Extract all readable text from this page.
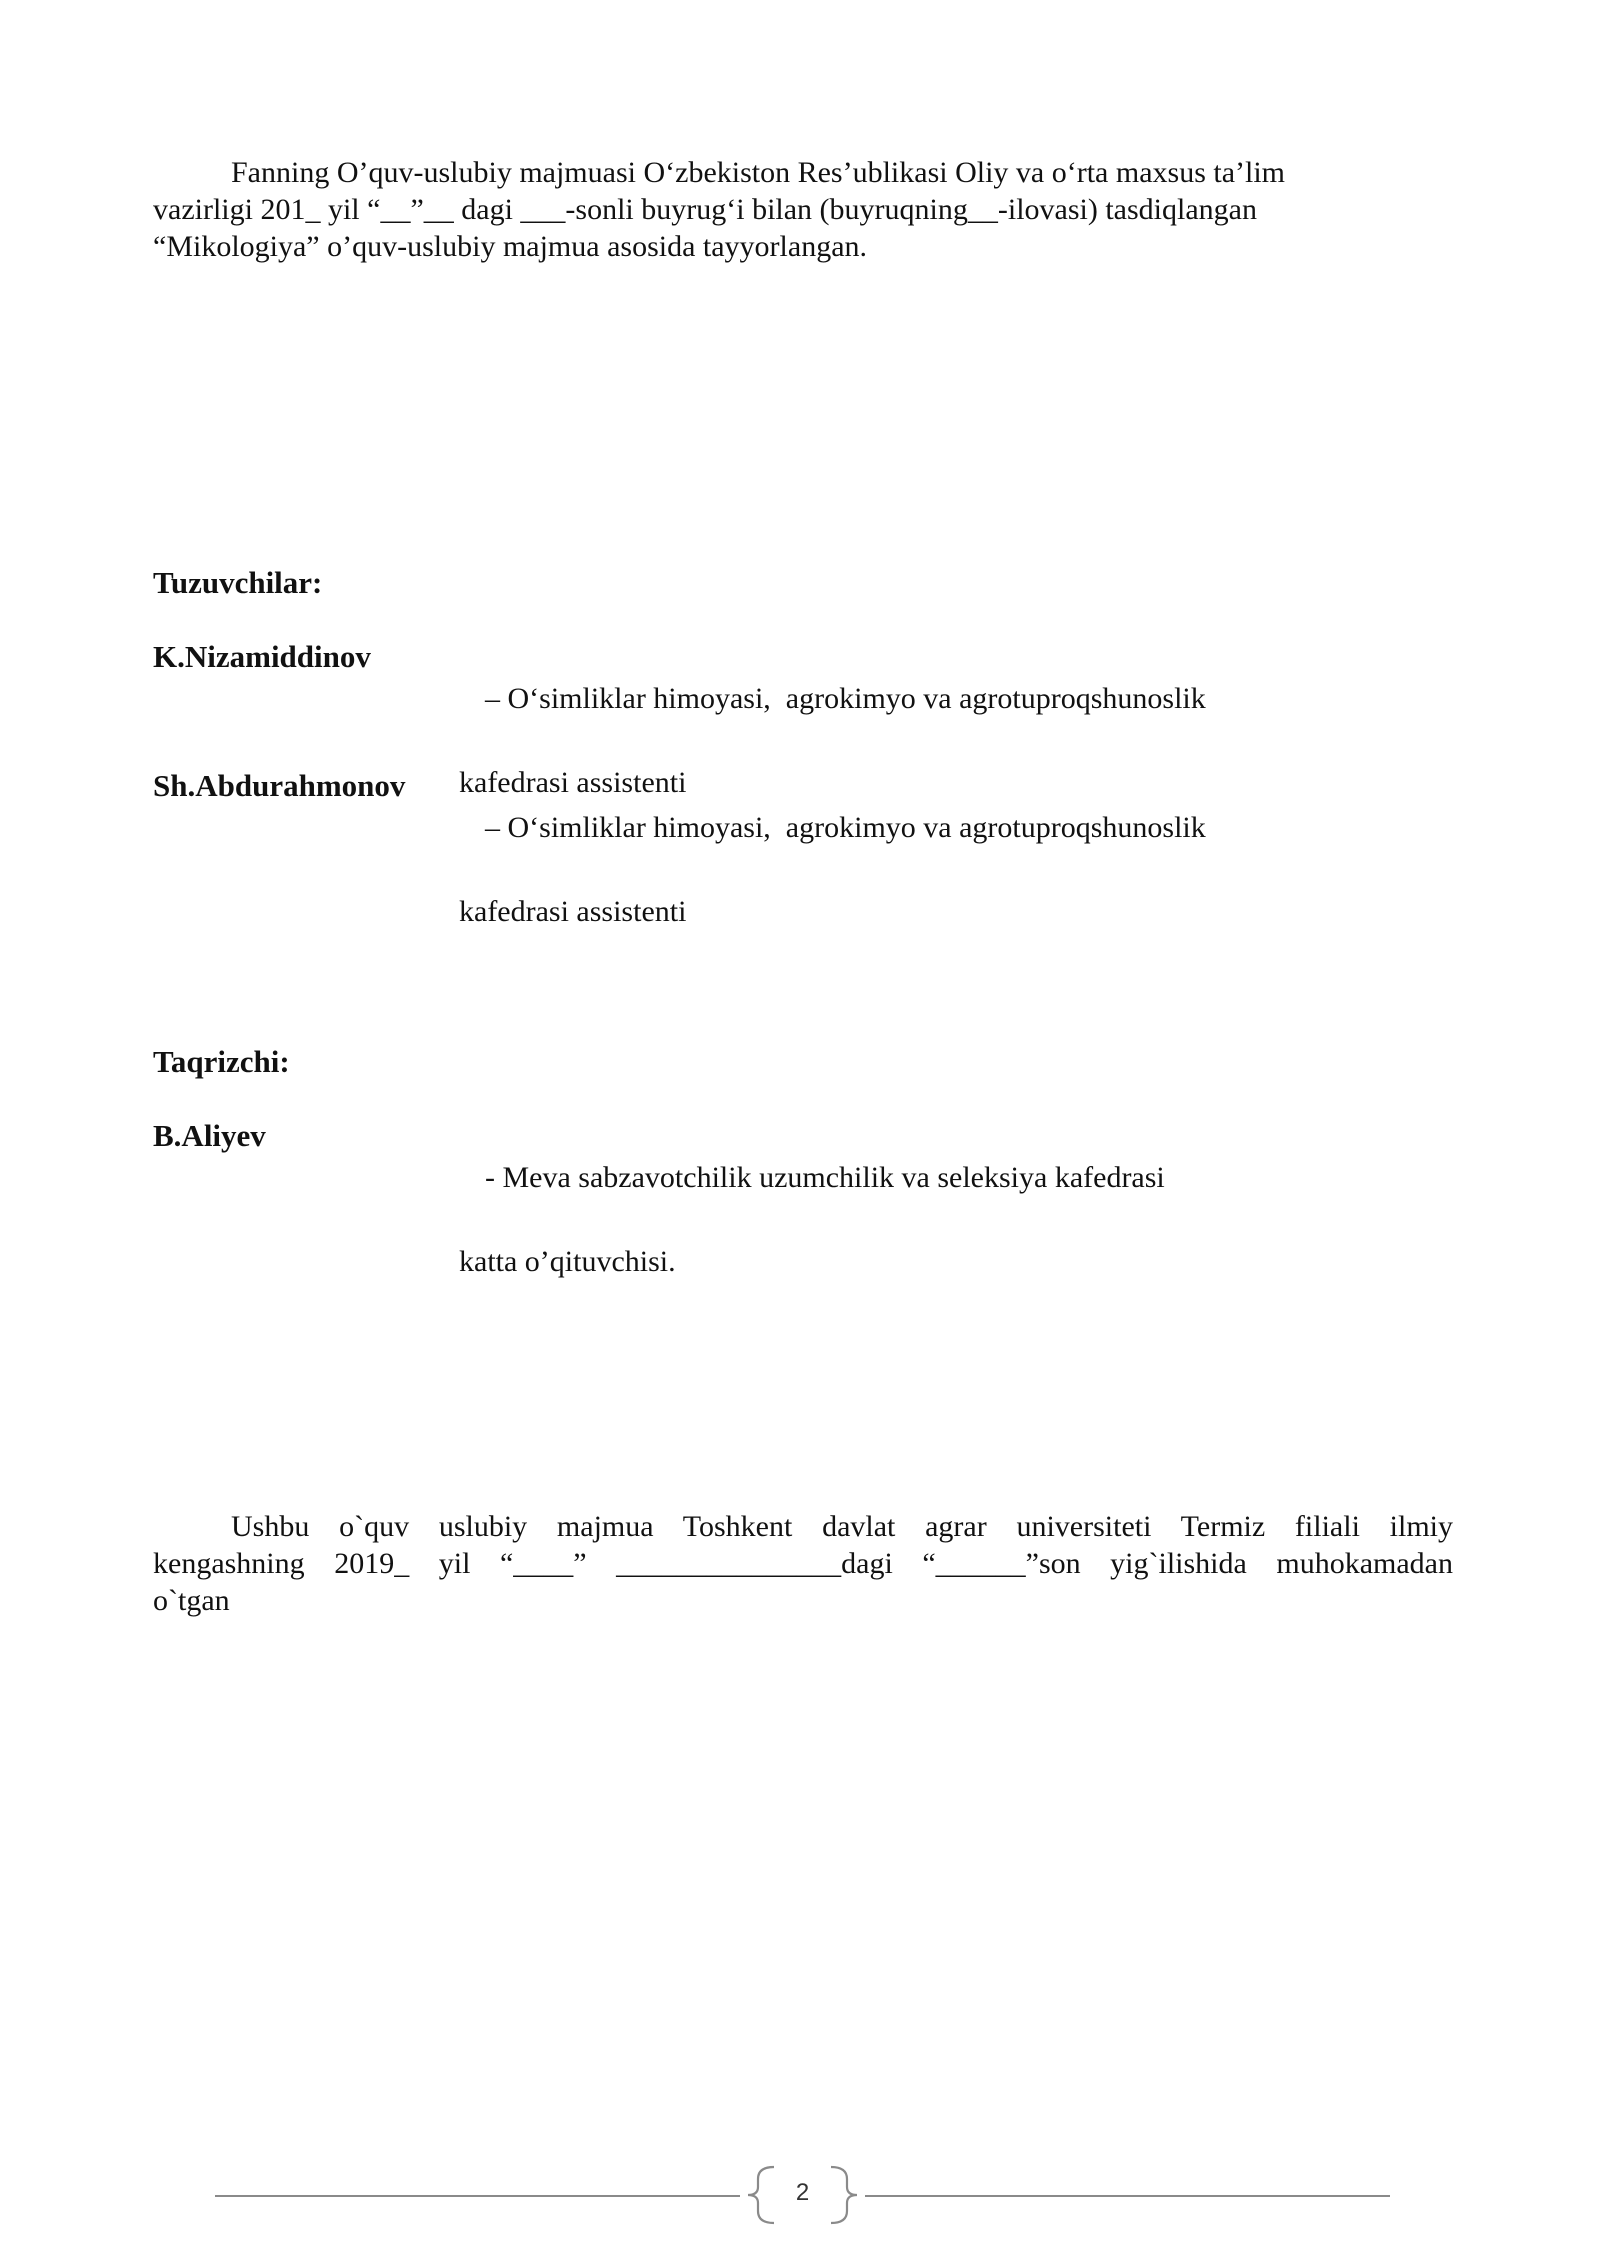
Fanning O’quv-uslubiy majmuasi O‘zbekiston Res’ublikasi Oliy va o‘rta maxsus ta’lim
vazirligi 201_ yil “__”__ dagi ___-sonli buyrug‘i bilan (buyruqning__-ilovasi) tasdiqlangan
“Mikologiya” o’quv-uslubiy majmua asosida tayyorlangan.
Tuzuvchilar:
K.Nizamiddinov

– O‘simliklar himoyasi,  agrokimyo va agrotuproqshunoslik

kafedrasi assistenti

Sh.Abdurahmonov

– O‘simliklar himoyasi,  agrokimyo va agrotuproqshunoslik

kafedrasi assistenti

Taqrizchi:
B.Aliyev

- Meva sabzavotchilik uzumchilik va seleksiya kafedrasi

katta o’qituvchisi.

Ushbu o`quv uslubiy majmua Toshkent davlat agrar universiteti Termiz filiali ilmiy
kengashning 2019_ yil “____” _______________dagi “______”son yig`ilishida muhokamadan
o`tgan
2
